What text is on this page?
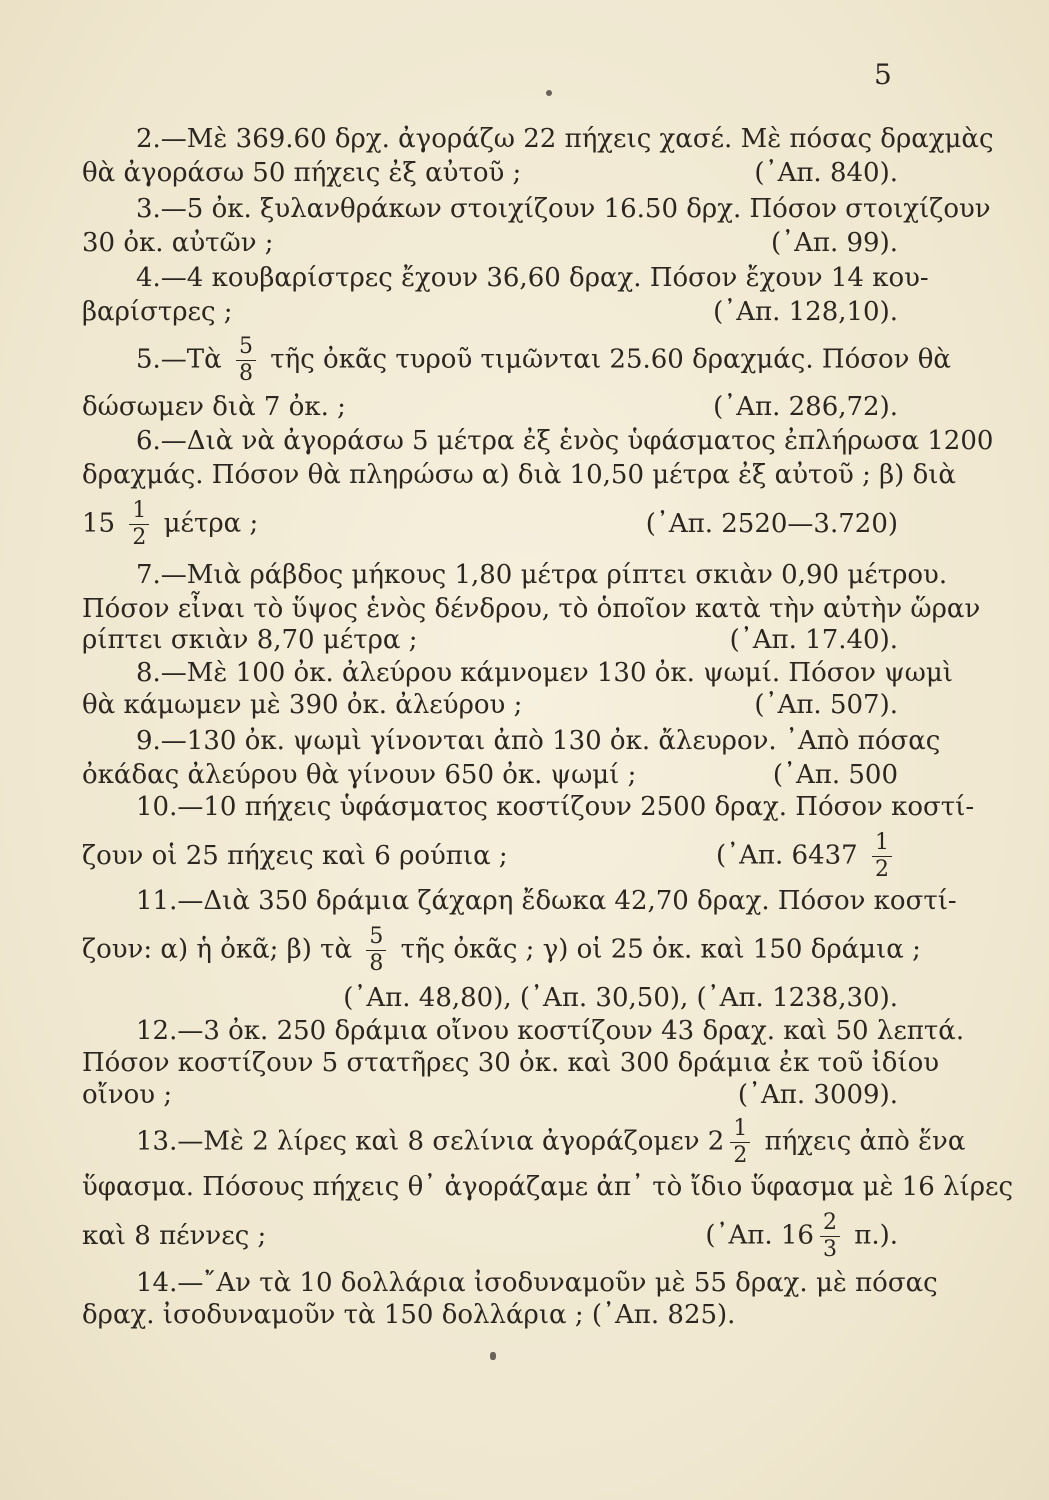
5
2.—Μὲ 369.60 δρχ. ἀγοράζω 22 πήχεις χασέ. Μὲ πόσας δραχμὰς
θὰ ἀγοράσω 50 πήχεις ἐξ αὐτοῦ ;	(᾽Απ. 840).
3.—5 ὀκ. ξυλανθράκων στοιχίζουν 16.50 δρχ. Πόσον στοιχίζουν
30 ὀκ. αὐτῶν ;	(᾽Απ. 99).
4.—4 κουβαρίστρες ἔχουν 36,60 δραχ. Πόσον ἔχουν 14 κου-
βαρίστρες ;	(᾽Απ. 128,10).
5.—Τὰ $\frac{5}{8}$ τῆς ὀκᾶς τυροῦ τιμῶνται 25.60 δραχμάς. Πόσον θὰ
δώσωμεν διὰ 7 ὀκ. ;	(᾽Απ. 286,72).
6.—Διὰ νὰ ἀγοράσω 5 μέτρα ἐξ ἑνὸς ὑφάσματος ἐπλήρωσα 1200
δραχμάς. Πόσον θὰ πληρώσω α) διὰ 10,50 μέτρα ἐξ αὐτοῦ ; β) διὰ
$15 \frac{1}{2}$ μέτρα ;	(᾽Απ. 2520—3.720)
7.—Μιὰ ράβδος μήκους 1,80 μέτρα ρίπτει σκιὰν 0,90 μέτρου.
Πόσον εἶναι τὸ ὕψος ἑνὸς δένδρου, τὸ ὁποῖον κατὰ τὴν αὐτὴν ὥραν
ρίπτει σκιὰν 8,70 μέτρα ;	(᾽Απ. 17.40).
8.—Μὲ 100 ὀκ. ἀλεύρου κάμνομεν 130 ὀκ. ψωμί. Πόσον ψωμὶ
θὰ κάμωμεν μὲ 390 ὀκ. ἀλεύρου ;	(᾽Απ. 507).
9.—130 ὀκ. ψωμὶ γίνονται ἀπὸ 130 ὀκ. ἄλευρον. ᾽Απὸ πόσας
ὀκάδας ἀλεύρου θὰ γίνουν 650 ὀκ. ψωμί ;	(᾽Απ. 500
10.—10 πήχεις ὑφάσματος κοστίζουν 2500 δραχ. Πόσον κοστί-
ζουν οἱ 25 πήχεις καὶ 6 ρούπια ;	(᾽Απ. $6437 \frac{1}{2}$
11.—Διὰ 350 δράμια ζάχαρη ἔδωκα 42,70 δραχ. Πόσον κοστί-
ζουν: α) ἡ ὀκᾶ; β) τὰ $\frac{5}{8}$ τῆς ὀκᾶς ; γ) οἱ 25 ὀκ. καὶ 150 δράμια ;
(᾽Απ. 48,80), (᾽Απ. 30,50), (᾽Απ. 1238,30).
12.—3 ὀκ. 250 δράμια οἴνου κοστίζουν 43 δραχ. καὶ 50 λεπτά.
Πόσον κοστίζουν 5 στατῆρες 30 ὀκ. καὶ 300 δράμια ἐκ τοῦ ἰδίου
οἴνου ;	(᾽Απ. 3009).
13.—Μὲ 2 λίρες καὶ 8 σελίνια ἀγοράζομεν $2 \frac{1}{2}$ πήχεις ἀπὸ ἕνα
ὕφασμα. Πόσους πήχεις θ᾽ ἀγοράζαμε ἀπ᾽ τὸ ἴδιο ὕφασμα μὲ 16 λίρες
καὶ 8 πέννες ;	(᾽Απ. $16 \frac{2}{3} \pi$.).
14.—῎Αν τὰ 10 δολλάρια ἰσοδυναμοῦν μὲ 55 δραχ. μὲ πόσας
δραχ. ἰσοδυναμοῦν τὰ 150 δολλάρια ; (᾽Απ. 825).
